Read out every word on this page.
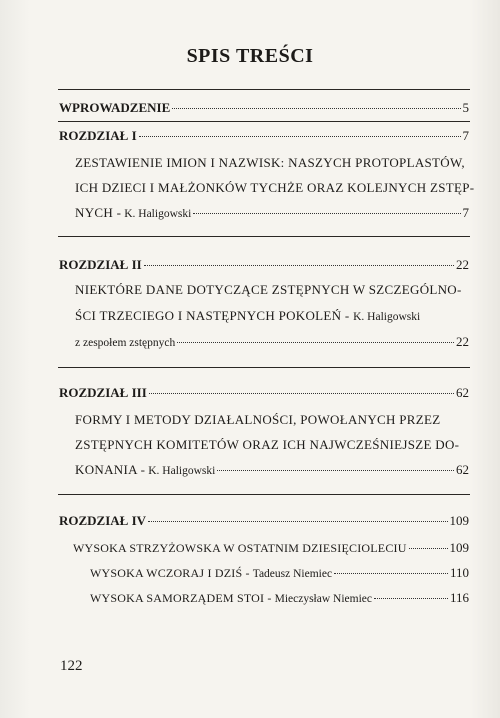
SPIS TREŚCI
WPROWADZENIE	5
ROZDZIAŁ I	7
ZESTAWIENIE IMION I NAZWISK: NASZYCH PROTOPLASTÓW,
ICH DZIECI I MAŁŻONKÓW TYCHŻE ORAZ KOLEJNYCH ZSTĘP-
NYCH - K. Haligowski	7
ROZDZIAŁ II	22
NIEKTÓRE DANE DOTYCZĄCE ZSTĘPNYCH W SZCZEGÓLNO-
ŚCI TRZECIEGO I NASTĘPNYCH POKOLEŃ - K. Haligowski
z zespołem zstępnych	22
ROZDZIAŁ III	62
FORMY I METODY DZIAŁALNOŚCI, POWOŁANYCH PRZEZ
ZSTĘPNYCH KOMITETÓW ORAZ ICH NAJWCZEŚNIEJSZE DO-
KONANIA - K. Haligowski	62
ROZDZIAŁ IV	109
WYSOKA STRZYŻOWSKA W OSTATNIM DZIESIĘCIOLECIU	109
WYSOKA WCZORAJ I DZIŚ - Tadeusz Niemiec	110
WYSOKA SAMORZĄDEM STOI - Mieczysław Niemiec	116
122
